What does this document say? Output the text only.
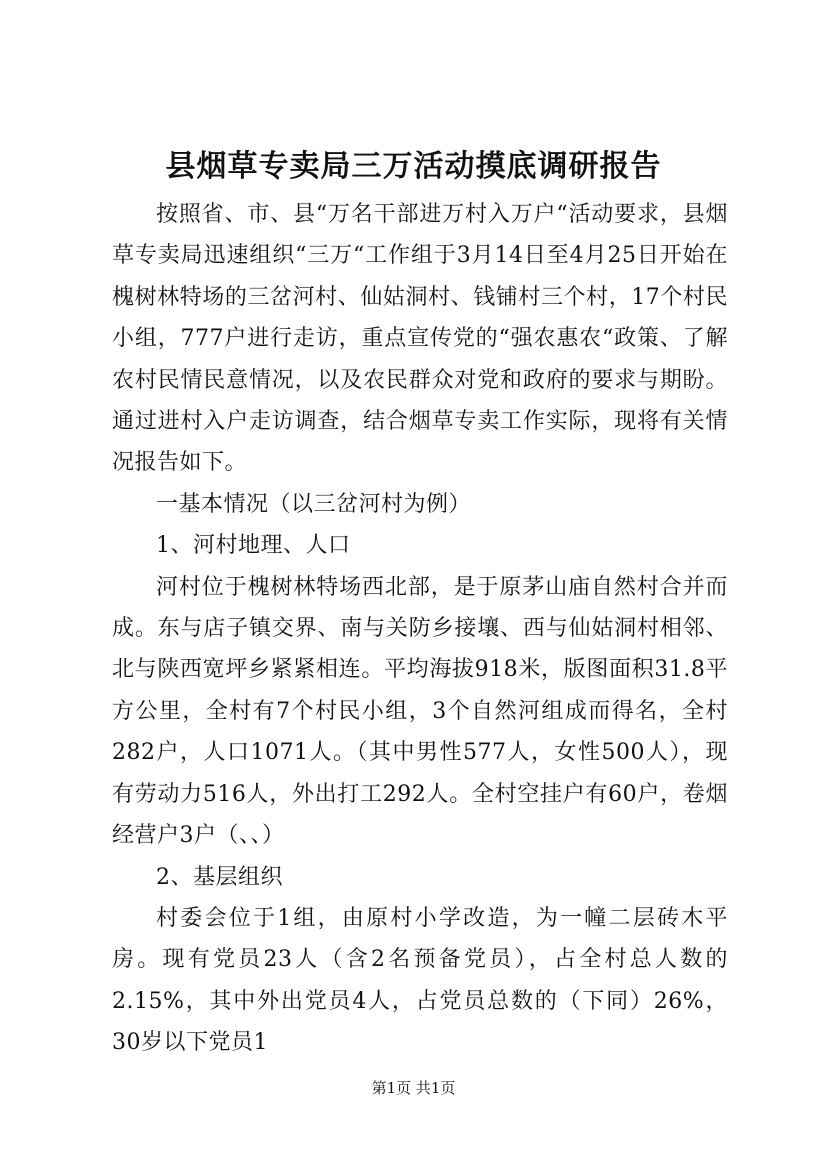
县烟草专卖局三万活动摸底调研报告

按照省、市、县“万名干部进万村入万户“活动要求，县烟草专卖局迅速组织“三万“工作组于3月14日至4月25日开始在槐树林特场的三岔河村、仙姑洞村、钱铺村三个村，17个村民小组，777户进行走访，重点宣传党的“强农惠农“政策、了解农村民情民意情况，以及农民群众对党和政府的要求与期盼。通过进村入户走访调查，结合烟草专卖工作实际，现将有关情况报告如下。

一基本情况（以三岔河村为例）

1、河村地理、人口

河村位于槐树林特场西北部，是于原茅山庙自然村合并而成。东与店子镇交界、南与关防乡接壤、西与仙姑洞村相邻、北与陕西宽坪乡紧紧相连。平均海拔918米，版图面积31.8平方公里，全村有7个村民小组，3个自然河组成而得名，全村282户，人口1071人。（其中男性577人，女性500人），现有劳动力516人，外出打工292人。全村空挂户有60户，卷烟经营户3户（、、）

2、基层组织

村委会位于1组，由原村小学改造，为一幢二层砖木平房。现有党员23人（含2名预备党员），占全村总人数的2.15%，其中外出党员4人，占党员总数的（下同）26%，30岁以下党员1

第1页 共1页
